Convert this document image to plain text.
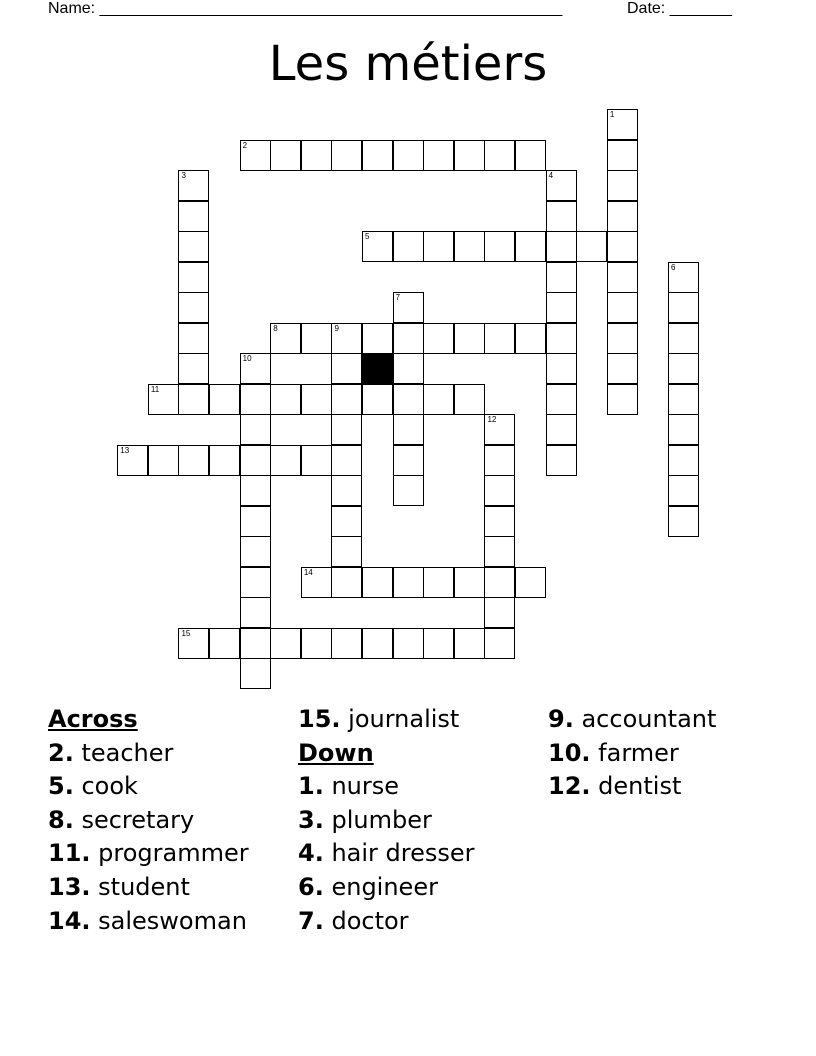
Name: ____________________________________________________	Date: _______
Les métiers
1
2
3	4
5
6
7
8	9
10
11
12
13
14
15
Across
2. teacher
5. cook
8. secretary
11. programmer
13. student
14. saleswoman
15. journalist
Down
1. nurse
3. plumber
4. hair dresser
6. engineer
7. doctor
9. accountant
10. farmer
12. dentist
